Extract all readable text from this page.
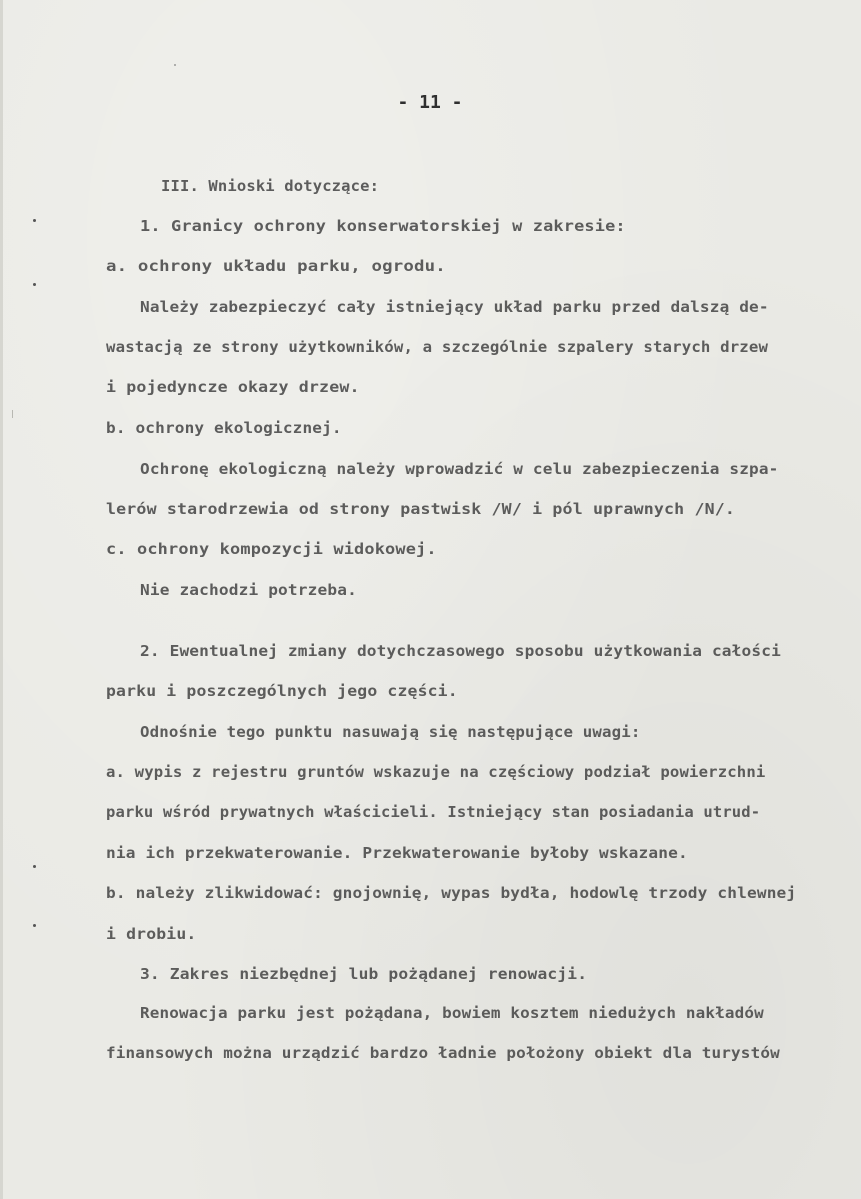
- 11 -
III. Wnioski dotyczące:
1. Granicy ochrony konserwatorskiej w zakresie:
a. ochrony układu parku, ogrodu.
Należy zabezpieczyć cały istniejący układ parku przed dalszą de-
wastacją ze strony użytkowników, a szczególnie szpalery starych drzew
i pojedyncze okazy drzew.
b. ochrony ekologicznej.
Ochronę ekologiczną należy wprowadzić w celu zabezpieczenia szpa-
lerów starodrzewia od strony pastwisk /W/ i pól uprawnych /N/.
c. ochrony kompozycji widokowej.
Nie zachodzi potrzeba.
2. Ewentualnej zmiany dotychczasowego sposobu użytkowania całości
parku i poszczególnych jego części.
Odnośnie tego punktu nasuwają się następujące uwagi:
a. wypis z rejestru gruntów wskazuje na częściowy podział powierzchni
parku wśród prywatnych właścicieli. Istniejący stan posiadania utrud-
nia ich przekwaterowanie. Przekwaterowanie byłoby wskazane.
b. należy zlikwidować: gnojownię, wypas bydła, hodowlę trzody chlewnej
i drobiu.
3. Zakres niezbędnej lub pożądanej renowacji.
Renowacja parku jest pożądana, bowiem kosztem niedużych nakładów
finansowych można urządzić bardzo ładnie położony obiekt dla turystów
